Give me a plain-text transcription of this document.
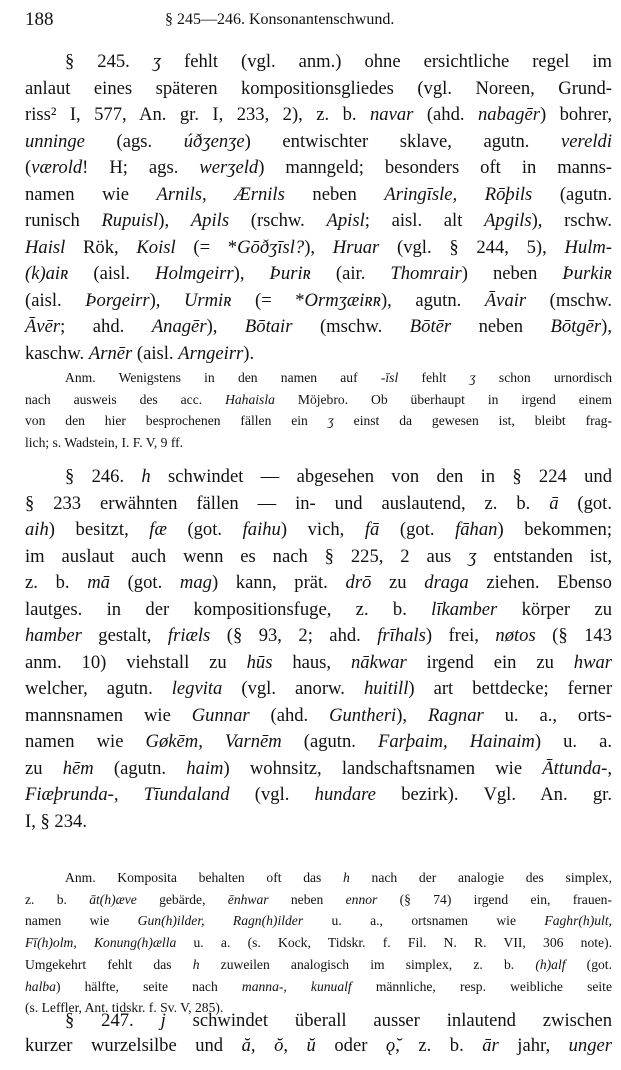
188	§ 245—246. Konsonantenschwund.
§ 245. ʒ fehlt (vgl. anm.) ohne ersichtliche regel im
anlaut eines späteren kompositionsgliedes (vgl. Noreen, Grund-
riss² I, 577, An. gr. I, 233, 2), z. b. navar (ahd. nabagēr) bohrer,
unninge (ags. úðʒenʒe) entwischter sklave, agutn. vereldi
(værold! H; ags. werʒeld) manngeld; besonders oft in manns-
namen wie Arnils, Ærnils neben Aringīsle, Rōþils (agutn.
runisch Rupuisl), Apils (rschw. Apisl; aisl. alt Apgils), rschw.
Haisl Rök, Koisl (= *Gōðʒīsl?), Hruar (vgl. § 244, 5), Hulm-
(k)aiʀ (aisl. Holmgeirr), Þuriʀ (air. Thomrair) neben Þurkiʀ
(aisl. Þorgeirr), Urmiʀ (= *Ormʒæiʀʀ), agutn. Āvair (mschw.
Āvēr; ahd. Anagēr), Bōtair (mschw. Bōtēr neben Bōtgēr),
kaschw. Arnēr (aisl. Arngeirr).
Anm. Wenigstens in den namen auf -īsl fehlt ʒ schon urnordisch
nach ausweis des acc. Hahaisla Möjebro. Ob überhaupt in irgend einem
von den hier besprochenen fällen ein ʒ einst da gewesen ist, bleibt frag-
lich; s. Wadstein, I. F. V, 9 ff.
§ 246. h schwindet — abgesehen von den in § 224 und
§ 233 erwähnten fällen — in- und auslautend, z. b. ā (got.
aih) besitzt, fæ (got. faihu) vich, fā (got. fāhan) bekommen;
im auslaut auch wenn es nach § 225, 2 aus ʒ entstanden ist,
z. b. mā (got. mag) kann, prät. drō zu draga ziehen. Ebenso
lautges. in der kompositionsfuge, z. b. līkamber körper zu
hamber gestalt, friæls (§ 93, 2; ahd. frīhals) frei, nøtos (§ 143
anm. 10) viehstall zu hūs haus, nākwar irgend ein zu hwar
welcher, agutn. legvita (vgl. anorw. huitill) art bettdecke; ferner
mannsnamen wie Gunnar (ahd. Guntheri), Ragnar u. a., orts-
namen wie Gøkēm, Varnēm (agutn. Farþaim, Hainaim) u. a.
zu hēm (agutn. haim) wohnsitz, landschaftsnamen wie Āttunda-,
Fiæþrunda-, Tīundaland (vgl. hundare bezirk). Vgl. An. gr.
I, § 234.
Anm. Komposita behalten oft das h nach der analogie des simplex,
z. b. āt(h)æve gebärde, ēnhwar neben ennor (§ 74) irgend ein, frauen-
namen wie Gun(h)ilder, Ragn(h)ilder u. a., ortsnamen wie Faghr(h)ult,
Fī(h)olm, Konung(h)ælla u. a. (s. Kock, Tidskr. f. Fil. N. R. VII, 306 note).
Umgekehrt fehlt das h zuweilen analogisch im simplex, z. b. (h)alf (got.
halba) hälfte, seite nach manna-, kunualf männliche, resp. weibliche seite
(s. Leffler, Ant. tidskr. f. Sv. V, 285).
§ 247. j schwindet überall ausser inlautend zwischen
kurzer wurzelsilbe und ă, ŏ, ŭ oder ǫ̆, z. b. ār jahr, unger
